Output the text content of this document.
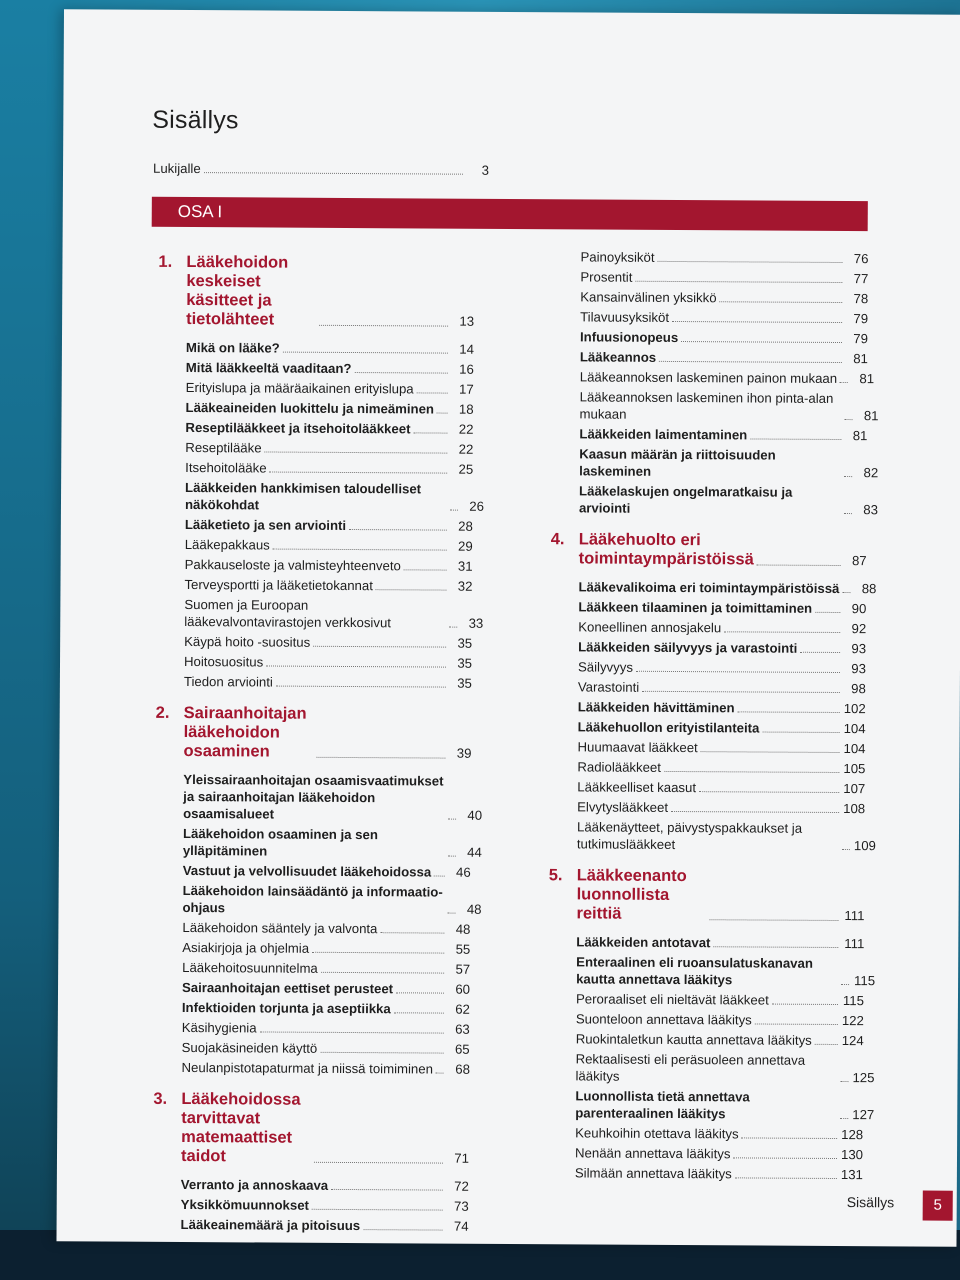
Sisällys
Lukijalle	3
OSA I
1. Lääkehoidon keskeiset käsitteet ja tietolähteet	13
Mikä on lääke?	14
Mitä lääkkeeltä vaaditaan?	16
Erityislupa ja määräaikainen erityislupa	17
Lääkeaineiden luokittelu ja nimeäminen	18
Reseptilääkkeet ja itsehoitolääkkeet	22
Reseptilääke	22
Itsehoitolääke	25
Lääkkeiden hankkimisen taloudelliset näkökohdat	26
Lääketieto ja sen arviointi	28
Lääkepakkaus	29
Pakkauseloste ja valmisteyhteenveto	31
Terveysportti ja lääketietokannat	32
Suomen ja Euroopan lääkevalvontavirastojen verkkosivut	33
Käypä hoito -suositus	35
Hoitosuositus	35
Tiedon arviointi	35
2. Sairaanhoitajan lääkehoidon osaaminen	39
Yleissairaanhoitajan osaamisvaatimukset ja sairaanhoitajan lääkehoidon osaamisalueet	40
Lääkehoidon osaaminen ja sen ylläpitäminen	44
Vastuut ja velvollisuudet lääkehoidossa	46
Lääkehoidon lainsäädäntö ja informaatio-ohjaus	48
Lääkehoidon sääntely ja valvonta	48
Asiakirjoja ja ohjelmia	55
Lääkehoitosuunnitelma	57
Sairaanhoitajan eettiset perusteet	60
Infektioiden torjunta ja aseptiikka	62
Käsihygienia	63
Suojakäsineiden käyttö	65
Neulanpistotapaturmat ja niissä toimiminen	68
3. Lääkehoidossa tarvittavat matemaattiset taidot	71
Verranto ja annoskaava	72
Yksikkömuunnokset	73
Lääkeainemäärä ja pitoisuus	74
Painoyksiköt	76
Prosentit	77
Kansainvälinen yksikkö	78
Tilavuusyksiköt	79
Infuusionopeus	79
Lääkeannos	81
Lääkeannoksen laskeminen painon mukaan	81
Lääkeannoksen laskeminen ihon pinta-alan mukaan	81
Lääkkeiden laimentaminen	81
Kaasun määrän ja riittoisuuden laskeminen	82
Lääkelaskujen ongelmaratkaisu ja arviointi	83
4. Lääkehuolto eri toimintaympäristöissä	87
Lääkevalikoima eri toimintaympäristöissä	88
Lääkkeen tilaaminen ja toimittaminen	90
Koneellinen annosjakelu	92
Lääkkeiden säilyvyys ja varastointi	93
Säilyvyys	93
Varastointi	98
Lääkkeiden hävittäminen	102
Lääkehuollon erityistilanteita	104
Huumaavat lääkkeet	104
Radiolääkkeet	105
Lääkkeelliset kaasut	107
Elvytyslääkkeet	108
Lääkenäytteet, päivystyspakkaukset ja tutkimuslääkkeet	109
5. Lääkkeenanto luonnollista reittiä	111
Lääkkeiden antotavat	111
Enteraalinen eli ruoansulatuskanavan kautta annettava lääkitys	115
Peroraaliset eli nieltävät lääkkeet	115
Suonteloon annettava lääkitys	122
Ruokintaletkun kautta annettava lääkitys 124
Rektaalisesti eli peräsuoleen annettava lääkitys	125
Luonnollista tietä annettava parenteraalinen lääkitys	127
Keuhkoihin otettava lääkitys	128
Nenään annettava lääkitys	130
Silmään annettava lääkitys	131
Sisällys	5
